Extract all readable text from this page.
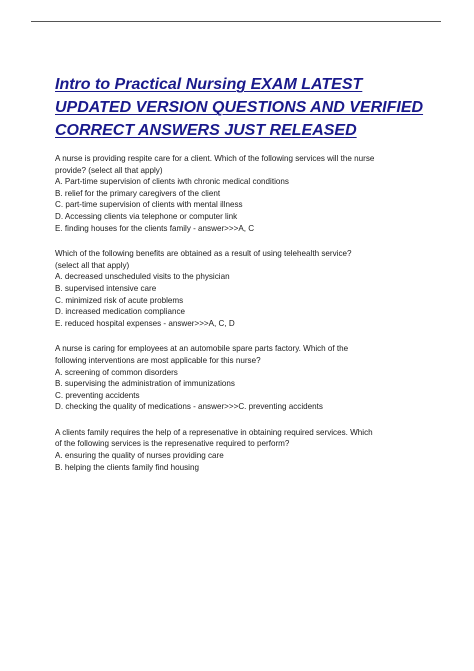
Intro to Practical Nursing EXAM LATEST
UPDATED VERSION QUESTIONS AND VERIFIED
CORRECT ANSWERS JUST RELEASED
A nurse is providing respite care for a client. Which of the following services will the nurse
provide? (select all that apply)
A. Part-time supervision of clients iwth chronic medical conditions
B. relief for the primary caregivers of the client
C. part-time supervision of clients with mental illness
D. Accessing clients via telephone or computer link
E. finding houses for the clients family - answer>>>A, C
Which of the following benefits are obtained as a result of using telehealth service?
(select all that apply)
A. decreased unscheduled visits to the physician
B. supervised intensive care
C. minimized risk of acute problems
D. increased medication compliance
E. reduced hospital expenses - answer>>>A, C, D
A nurse is caring for employees at an automobile spare parts factory. Which of the
following interventions are most applicable for this nurse?
A. screening of common disorders
B. supervising the administration of immunizations
C. preventing accidents
D. checking the quality of medications - answer>>>C. preventing accidents
A clients family requires the help of a represenative in obtaining required services. Which
of the following services is the represenative required to perform?
A. ensuring the quality of nurses providing care
B. helping the clients family find housing
